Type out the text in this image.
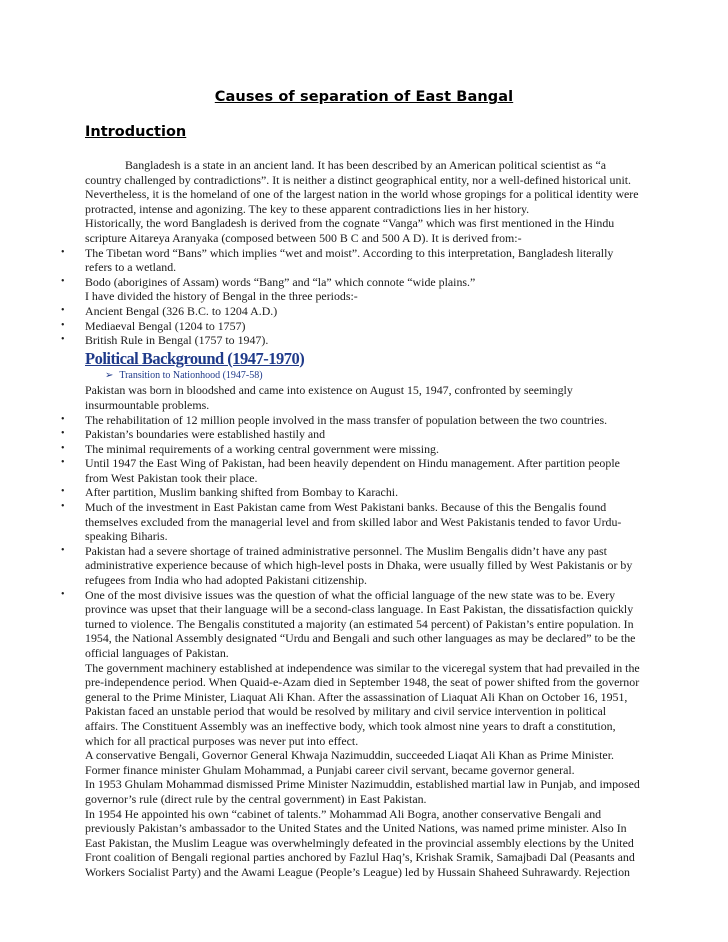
Causes of separation of East Bangal
Introduction
Bangladesh is a state in an ancient land. It has been described by an American political scientist as “a
country challenged by contradictions”. It is neither a distinct geographical entity, nor a well-defined historical unit.
Nevertheless, it is the homeland of one of the largest nation in the world whose gropings for a political identity were
protracted, intense and agonizing. The key to these apparent contradictions lies in her history.
Historically, the word Bangladesh is derived from the cognate “Vanga” which was first mentioned in the Hindu
scripture Aitareya Aranyaka (composed between 500 B C and 500 A D). It is derived from:-
• The Tibetan word “Bans” which implies “wet and moist”. According to this interpretation, Bangladesh literally
refers to a wetland.
• Bodo (aborigines of Assam) words “Bang” and “la” which connote “wide plains.”
I have divided the history of Bengal in the three periods:-
• Ancient Bengal (326 B.C. to 1204 A.D.)
• Mediaeval Bengal (1204 to 1757)
• British Rule in Bengal (1757 to 1947).
Political Background (1947-1970)
➢ Transition to Nationhood (1947-58)
Pakistan was born in bloodshed and came into existence on August 15, 1947, confronted by seemingly
insurmountable problems.
• The rehabilitation of 12 million people involved in the mass transfer of population between the two countries.
• Pakistan’s boundaries were established hastily and
• The minimal requirements of a working central government were missing.
• Until 1947 the East Wing of Pakistan, had been heavily dependent on Hindu management. After partition people
from West Pakistan took their place.
• After partition, Muslim banking shifted from Bombay to Karachi.
• Much of the investment in East Pakistan came from West Pakistani banks. Because of this the Bengalis found
themselves excluded from the managerial level and from skilled labor and West Pakistanis tended to favor Urdu-
speaking Biharis.
• Pakistan had a severe shortage of trained administrative personnel. The Muslim Bengalis didn’t have any past
administrative experience because of which high-level posts in Dhaka, were usually filled by West Pakistanis or by
refugees from India who had adopted Pakistani citizenship.
• One of the most divisive issues was the question of what the official language of the new state was to be. Every
province was upset that their language will be a second-class language. In East Pakistan, the dissatisfaction quickly
turned to violence. The Bengalis constituted a majority (an estimated 54 percent) of Pakistan’s entire population. In
1954, the National Assembly designated “Urdu and Bengali and such other languages as may be declared” to be the
official languages of Pakistan.
The government machinery established at independence was similar to the viceregal system that had prevailed in the
pre-independence period. When Quaid-e-Azam died in September 1948, the seat of power shifted from the governor
general to the Prime Minister, Liaquat Ali Khan. After the assassination of Liaquat Ali Khan on October 16, 1951,
Pakistan faced an unstable period that would be resolved by military and civil service intervention in political
affairs. The Constituent Assembly was an ineffective body, which took almost nine years to draft a constitution,
which for all practical purposes was never put into effect.
A conservative Bengali, Governor General Khwaja Nazimuddin, succeeded Liaqat Ali Khan as Prime Minister.
Former finance minister Ghulam Mohammad, a Punjabi career civil servant, became governor general.
In 1953 Ghulam Mohammad dismissed Prime Minister Nazimuddin, established martial law in Punjab, and imposed
governor’s rule (direct rule by the central government) in East Pakistan.
In 1954 He appointed his own “cabinet of talents.” Mohammad Ali Bogra, another conservative Bengali and
previously Pakistan’s ambassador to the United States and the United Nations, was named prime minister. Also In
East Pakistan, the Muslim League was overwhelmingly defeated in the provincial assembly elections by the United
Front coalition of Bengali regional parties anchored by Fazlul Haq’s, Krishak Sramik, Samajbadi Dal (Peasants and
Workers Socialist Party) and the Awami League (People’s League) led by Hussain Shaheed Suhrawardy. Rejection
